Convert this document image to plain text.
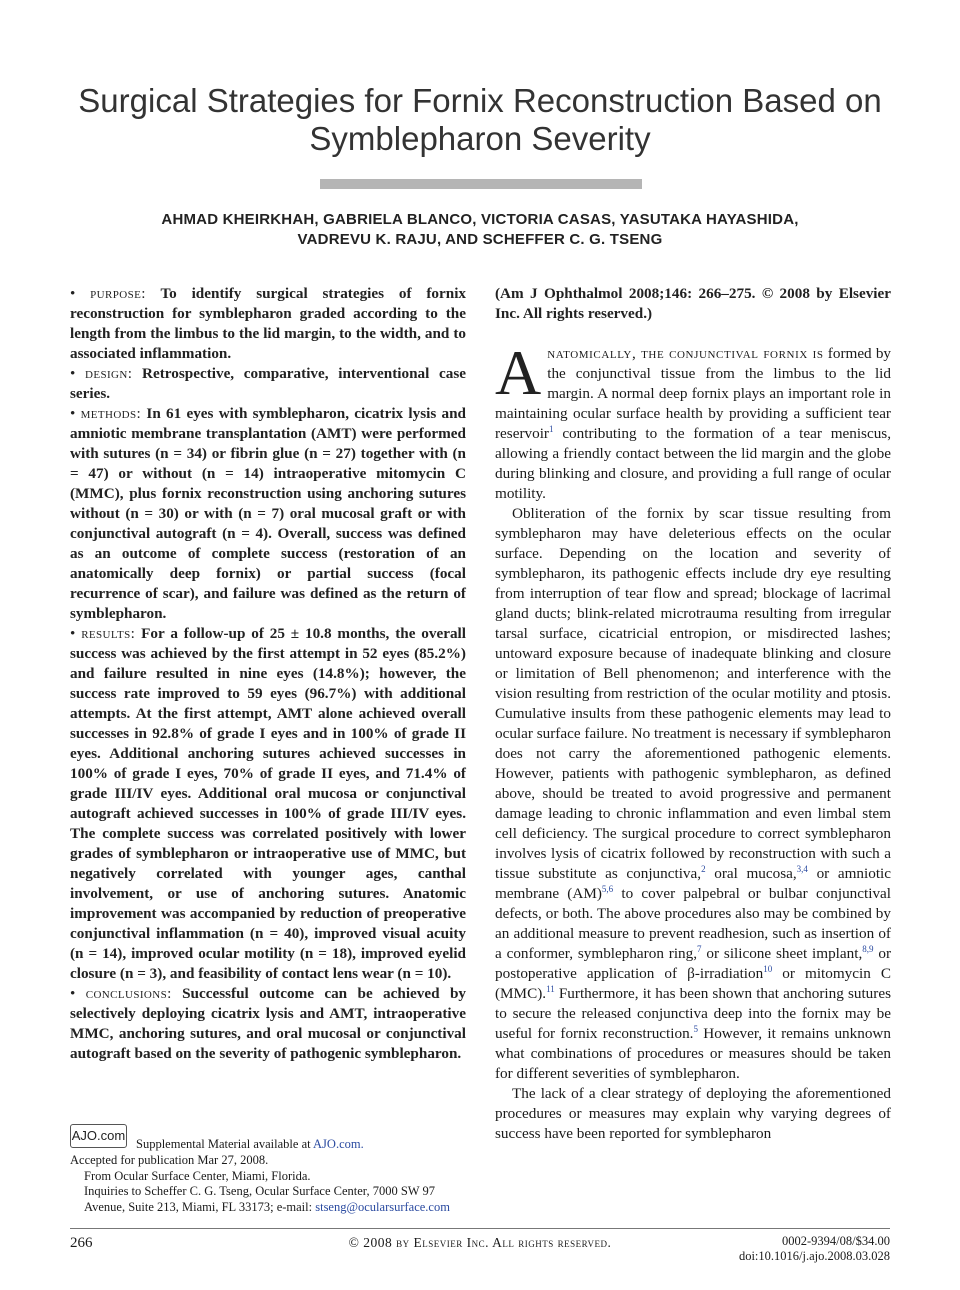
Surgical Strategies for Fornix Reconstruction Based on
Symblepharon Severity
AHMAD KHEIRKHAH, GABRIELA BLANCO, VICTORIA CASAS, YASUTAKA HAYASHIDA,
VADREVU K. RAJU, AND SCHEFFER C. G. TSENG

• purpose: To identify surgical strategies of fornix reconstruction for symblepharon graded according to the length from the limbus to the lid margin, to the width, and to associated inflammation.

• design: Retrospective, comparative, interventional case series.

• methods: In 61 eyes with symblepharon, cicatrix lysis and amniotic membrane transplantation (AMT) were performed with sutures (n = 34) or fibrin glue (n = 27) together with (n = 47) or without (n = 14) intraoperative mitomycin C (MMC), plus fornix reconstruction using anchoring sutures without (n = 30) or with (n = 7) oral mucosal graft or with conjunctival autograft (n = 4). Overall, success was defined as an outcome of complete success (restoration of an anatomically deep fornix) or partial success (focal recurrence of scar), and failure was defined as the return of symblepharon.

• results: For a follow-up of 25 ± 10.8 months, the overall success was achieved by the first attempt in 52 eyes (85.2%) and failure resulted in nine eyes (14.8%); however, the success rate improved to 59 eyes (96.7%) with additional attempts. At the first attempt, AMT alone achieved overall successes in 92.8% of grade I eyes and in 100% of grade II eyes. Additional anchoring sutures achieved successes in 100% of grade I eyes, 70% of grade II eyes, and 71.4% of grade III/IV eyes. Additional oral mucosa or conjunctival autograft achieved successes in 100% of grade III/IV eyes. The complete success was correlated positively with lower grades of symblepharon or intraoperative use of MMC, but negatively correlated with younger ages, canthal involvement, or use of anchoring sutures. Anatomic improvement was accompanied by reduction of preoperative conjunctival inflammation (n = 40), improved visual acuity (n = 14), improved ocular motility (n = 18), improved eyelid closure (n = 3), and feasibility of contact lens wear (n = 10).

• conclusions: Successful outcome can be achieved by selectively deploying cicatrix lysis and AMT, intraoperative MMC, anchoring sutures, and oral mucosal or conjunctival autograft based on the severity of pathogenic symblepharon.

(Am J Ophthalmol 2008;146: 266–275. © 2008 by Elsevier Inc. All rights reserved.)

Anatomically, the conjunctival fornix is formed by the conjunctival tissue from the limbus to the lid margin. A normal deep fornix plays an important role in maintaining ocular surface health by providing a sufficient tear reservoir$^1$ contributing to the formation of a tear meniscus, allowing a friendly contact between the lid margin and the globe during blinking and closure, and providing a full range of ocular motility.

Obliteration of the fornix by scar tissue resulting from symblepharon may have deleterious effects on the ocular surface. Depending on the location and severity of symblepharon, its pathogenic effects include dry eye resulting from interruption of tear flow and spread; blockage of lacrimal gland ducts; blink-related microtrauma resulting from irregular tarsal surface, cicatricial entropion, or misdirected lashes; untoward exposure because of inadequate blinking and closure or limitation of Bell phenomenon; and interference with the vision resulting from restriction of the ocular motility and ptosis. Cumulative insults from these pathogenic elements may lead to ocular surface failure. No treatment is necessary if symblepharon does not carry the aforementioned pathogenic elements. However, patients with pathogenic symblepharon, as defined above, should be treated to avoid progressive and permanent damage leading to chronic inflammation and even limbal stem cell deficiency. The surgical procedure to correct symblepharon involves lysis of cicatrix followed by reconstruction with such a tissue substitute as conjunctiva,$^2$ oral mucosa,$^{3,4}$ or amniotic membrane (AM)$^{5,6}$ to cover palpebral or bulbar conjunctival defects, or both. The above procedures also may be combined by an additional measure to prevent readhesion, such as insertion of a conformer, symblepharon ring,$^7$ or silicone sheet implant,$^{8,9}$ or postoperative application of β-irradiation$^{10}$ or mitomycin C (MMC).$^{11}$ Furthermore, it has been shown that anchoring sutures to secure the released conjunctiva deep into the fornix may be useful for fornix reconstruction.$^5$ However, it remains unknown what combinations of procedures or measures should be taken for different severities of symblepharon.

The lack of a clear strategy of deploying the aforementioned procedures or measures may explain why varying degrees of success have been reported for symblepharon

AJO.com
Supplemental Material available at AJO.com.

Accepted for publication Mar 27, 2008.

From Ocular Surface Center, Miami, Florida.

Inquiries to Scheffer C. G. Tseng, Ocular Surface Center, 7000 SW 97 Avenue, Suite 213, Miami, FL 33173; e-mail: stseng@ocularsurface.com

266	© 2008 by Elsevier Inc. All rights reserved.	0002-9394/08/$34.00
doi:10.1016/j.ajo.2008.03.028
